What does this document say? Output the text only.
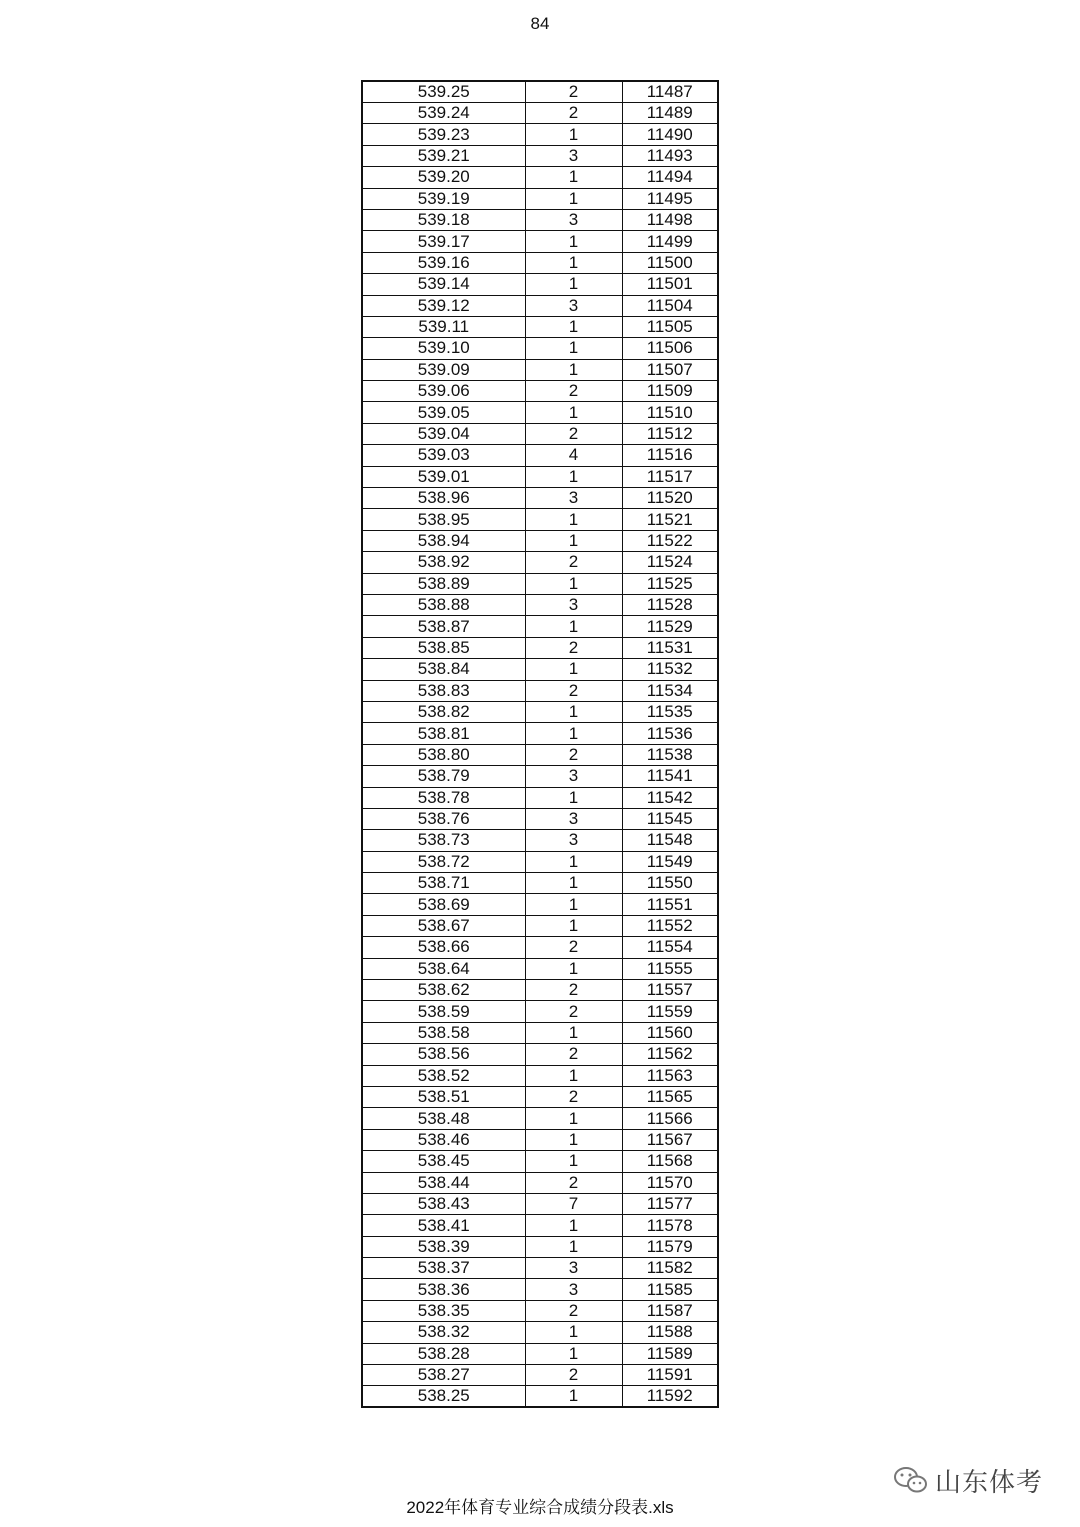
84
539.25	2	11487
539.24	2	11489
539.23	1	11490
539.21	3	11493
539.20	1	11494
539.19	1	11495
539.18	3	11498
539.17	1	11499
539.16	1	11500
539.14	1	11501
539.12	3	11504
539.11	1	11505
539.10	1	11506
539.09	1	11507
539.06	2	11509
539.05	1	11510
539.04	2	11512
539.03	4	11516
539.01	1	11517
538.96	3	11520
538.95	1	11521
538.94	1	11522
538.92	2	11524
538.89	1	11525
538.88	3	11528
538.87	1	11529
538.85	2	11531
538.84	1	11532
538.83	2	11534
538.82	1	11535
538.81	1	11536
538.80	2	11538
538.79	3	11541
538.78	1	11542
538.76	3	11545
538.73	3	11548
538.72	1	11549
538.71	1	11550
538.69	1	11551
538.67	1	11552
538.66	2	11554
538.64	1	11555
538.62	2	11557
538.59	2	11559
538.58	1	11560
538.56	2	11562
538.52	1	11563
538.51	2	11565
538.48	1	11566
538.46	1	11567
538.45	1	11568
538.44	2	11570
538.43	7	11577
538.41	1	11578
538.39	1	11579
538.37	3	11582
538.36	3	11585
538.35	2	11587
538.32	1	11588
538.28	1	11589
538.27	2	11591
538.25	1	11592
山东体考
2022年体育专业综合成绩分段表.xls
